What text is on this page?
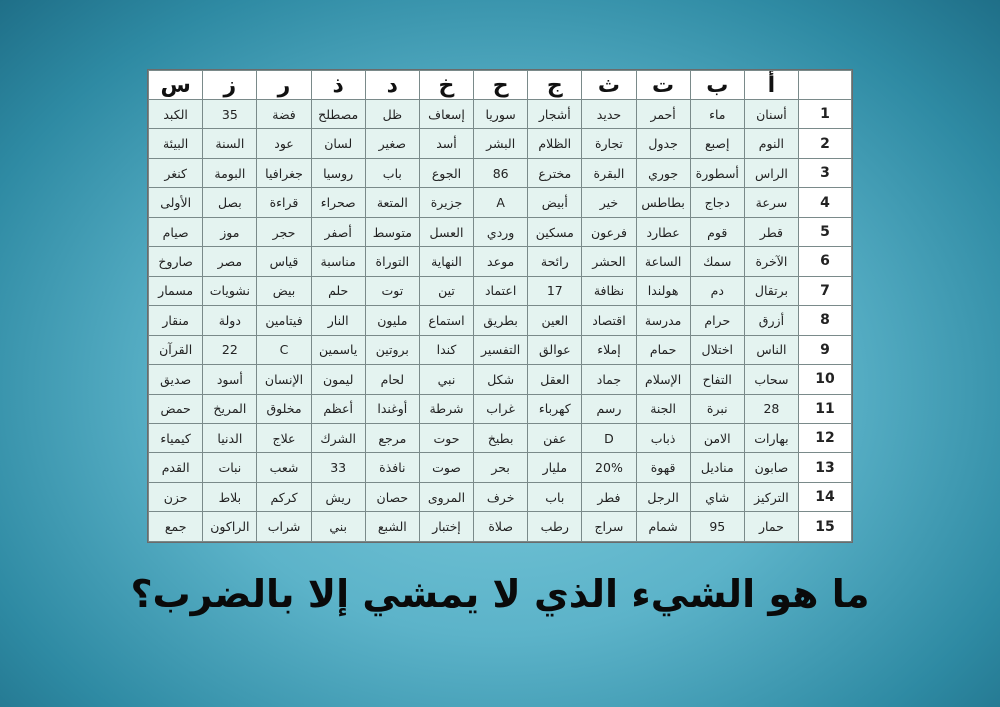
	أ	ب	ت	ث	ج	ح	خ	د	ذ	ر	ز	س
1	أسنان	ماء	أحمر	حديد	أشجار	سوريا	إسعاف	ظل	مصطلح	فضة	35	الكبد
2	النوم	إصبع	جدول	تجارة	الظلام	البشر	أسد	صغير	لسان	عود	السنة	البيئة
3	الراس	أسطورة	جوري	البقرة	مخترع	86	الجوع	باب	روسيا	جغرافيا	البومة	كنغر
4	سرعة	دجاج	بطاطس	خير	أبيض	A	جزيرة	المتعة	صحراء	قراءة	بصل	الأولى
5	قطر	قوم	عطارد	فرعون	مسكين	وردي	العسل	متوسط	أصفر	حجر	موز	صيام
6	الآخرة	سمك	الساعة	الحشر	رائحة	موعد	النهاية	التوراة	مناسبة	قياس	مصر	صاروخ
7	برتقال	دم	هولندا	نظافة	17	اعتماد	تين	توت	حلم	بيض	نشويات	مسمار
8	أزرق	حرام	مدرسة	اقتصاد	العين	بطريق	استماع	مليون	النار	فيتامين	دولة	منقار
9	الناس	اختلال	حمام	إملاء	عوالق	التفسير	كندا	بروتين	ياسمين	C	22	القرآن
10	سحاب	التفاح	الإسلام	جماد	العقل	شكل	نبي	لحام	ليمون	الإنسان	أسود	صديق
11	28	نبرة	الجنة	رسم	كهرباء	غراب	شرطة	أوغندا	أعظم	مخلوق	المريخ	حمض
12	بهارات	الامن	ذباب	D	عفن	بطيخ	حوت	مرجع	الشرك	علاج	الدنيا	كيمياء
13	صابون	مناديل	قهوة	20%	مليار	بحر	صوت	نافذة	33	شعب	نبات	القدم
14	التركيز	شاي	الرجل	فطر	باب	خرف	المروى	حصان	ريش	كركم	بلاط	حزن
15	حمار	95	شمام	سراج	رطب	صلاة	إختبار	الشبع	بني	شراب	الراكون	جمع
ما هو الشيء الذي لا يمشي إلا بالضرب؟
